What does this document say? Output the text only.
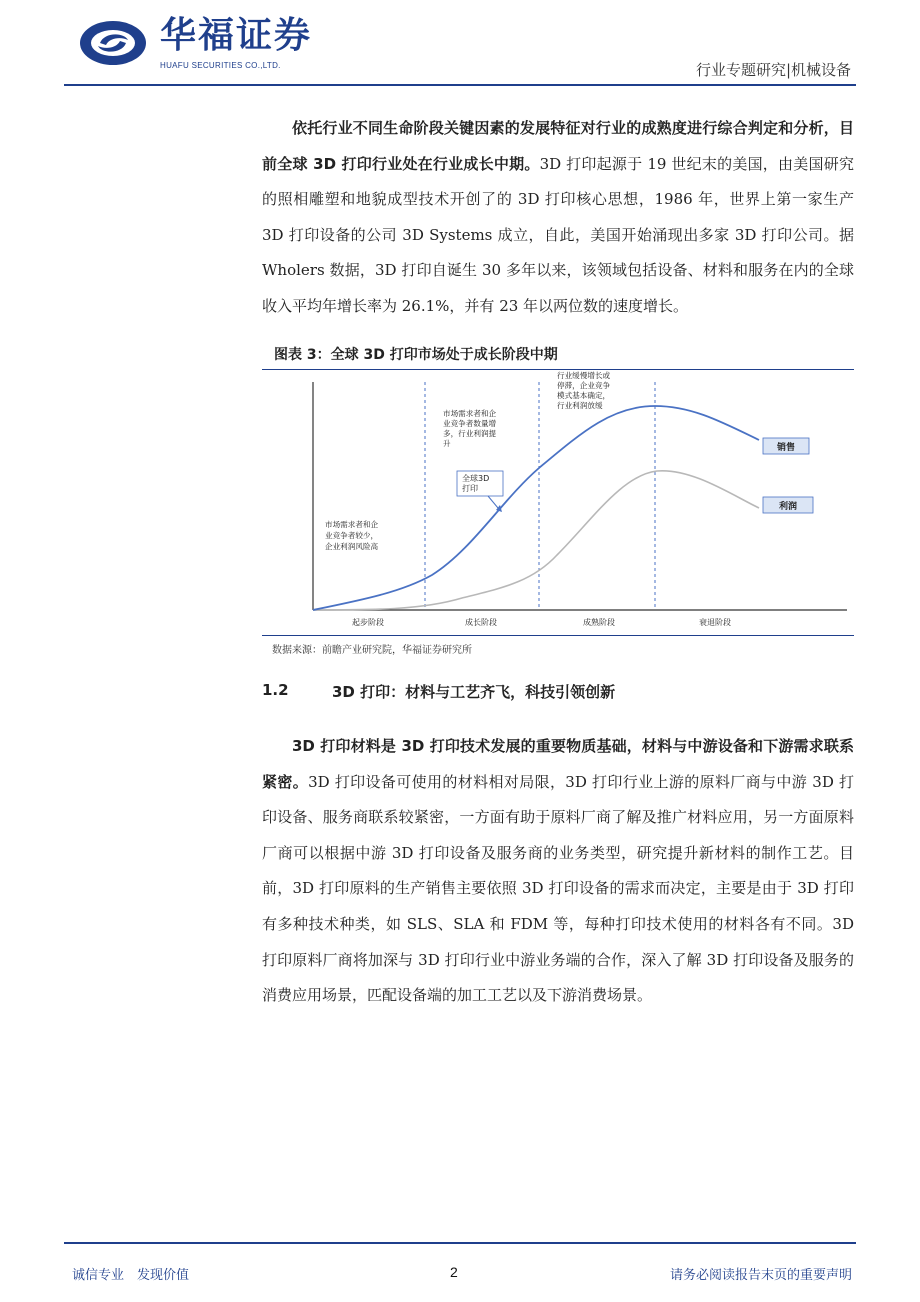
华福证券
HUAFU SECURITIES CO.,LTD.	行业专题研究|机械设备
依托行业不同生命阶段关键因素的发展特征对行业的成熟度进行综合判定和分析，目前全球 3D 打印行业处在行业成长中期。3D 打印起源于 19 世纪末的美国，由美国研究的照相雕塑和地貌成型技术开创了的 3D 打印核心思想，1986 年，世界上第一家生产 3D 打印设备的公司 3D Systems 成立，自此，美国开始涌现出多家 3D 打印公司。据 Wholers 数据，3D 打印自诞生 30 多年以来，该领域包括设备、材料和服务在内的全球收入平均年增长率为 26.1%，并有 23 年以两位数的速度增长。
图表 3：全球 3D 打印市场处于成长阶段中期
销售
利润
全球3D
打印
市场需求者和企
业竞争者较少，
企业利润风险高
市场需求者和企
业竞争者数量增
多，行业利润提
升
行业缓慢增长或
停滞，企业竞争
模式基本确定，
行业利润放缓
起步阶段	成长阶段	成熟阶段	衰退阶段
数据来源：前瞻产业研究院，华福证券研究所
1.2	3D 打印：材料与工艺齐飞，科技引领创新
3D 打印材料是 3D 打印技术发展的重要物质基础，材料与中游设备和下游需求联系紧密。3D 打印设备可使用的材料相对局限，3D 打印行业上游的原料厂商与中游 3D 打印设备、服务商联系较紧密，一方面有助于原料厂商了解及推广材料应用，另一方面原料厂商可以根据中游 3D 打印设备及服务商的业务类型，研究提升新材料的制作工艺。目前，3D 打印原料的生产销售主要依照 3D 打印设备的需求而决定，主要是由于 3D 打印有多种技术种类，如 SLS、SLA 和 FDM 等，每种打印技术使用的材料各有不同。3D 打印原料厂商将加深与 3D 打印行业中游业务端的合作，深入了解 3D 打印设备及服务的消费应用场景，匹配设备端的加工工艺以及下游消费场景。
诚信专业　发现价值	2	请务必阅读报告末页的重要声明
